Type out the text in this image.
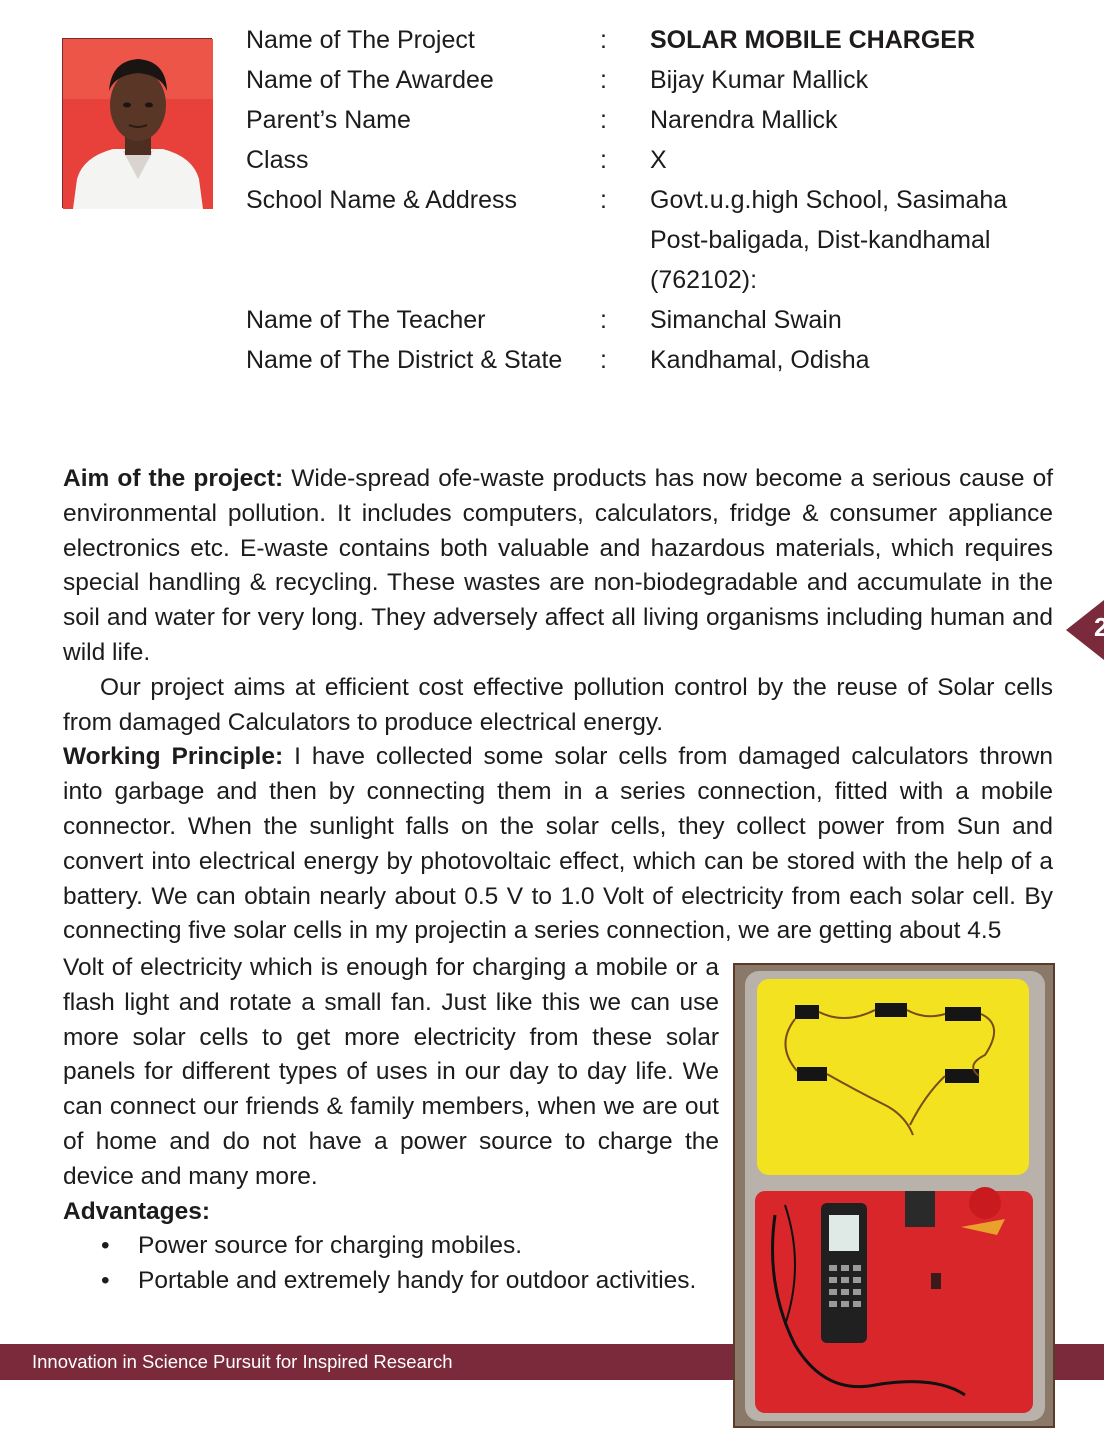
Name of The Project	: SOLAR MOBILE CHARGER
Name of The Awardee	: Bijay Kumar Mallick
Parent’s Name	: Narendra Mallick
Class	: X
School Name & Address	: Govt.u.g.high School, Sasimaha
Post-baligada, Dist-kandhamal
(762102):
Name of The Teacher	: Simanchal Swain
Name of The District & State : Kandhamal, Odisha

Aim of the project: Wide-spread ofe-waste products has now become a serious cause of environmental pollution. It includes computers, calculators, fridge & consumer appliance electronics etc. E-waste contains both valuable and hazardous materials, which requires special handling & recycling. These wastes are non-biodegradable and accumulate in the soil and water for very long. They adversely affect all living organisms including human and wild life.

Our project aims at efficient cost effective pollution control by the reuse of Solar cells from damaged Calculators to produce electrical energy.

Working Principle: I have collected some solar cells from damaged calculators thrown into garbage and then by connecting them in a series connection, fitted with a mobile connector. When the sunlight falls on the solar cells, they collect power from Sun and convert into electrical energy by photovoltaic effect, which can be stored with the help of a battery. We can obtain nearly about 0.5 V to 1.0 Volt of electricity from each solar cell. By connecting five solar cells in my projectin a series connection, we are getting about 4.5

Volt of electricity which is enough for charging a mobile or a flash light and rotate a small fan. Just like this we can use more solar cells to get more electricity from these solar panels for different types of uses in our day to day life. We can connect our friends & family members, when we are out of home and do not have a power source to charge the device and many more.

Advantages:

• Power source for charging mobiles.
• Portable and extremely handy for outdoor activities.
2
Innovation in Science Pursuit for Inspired Research
